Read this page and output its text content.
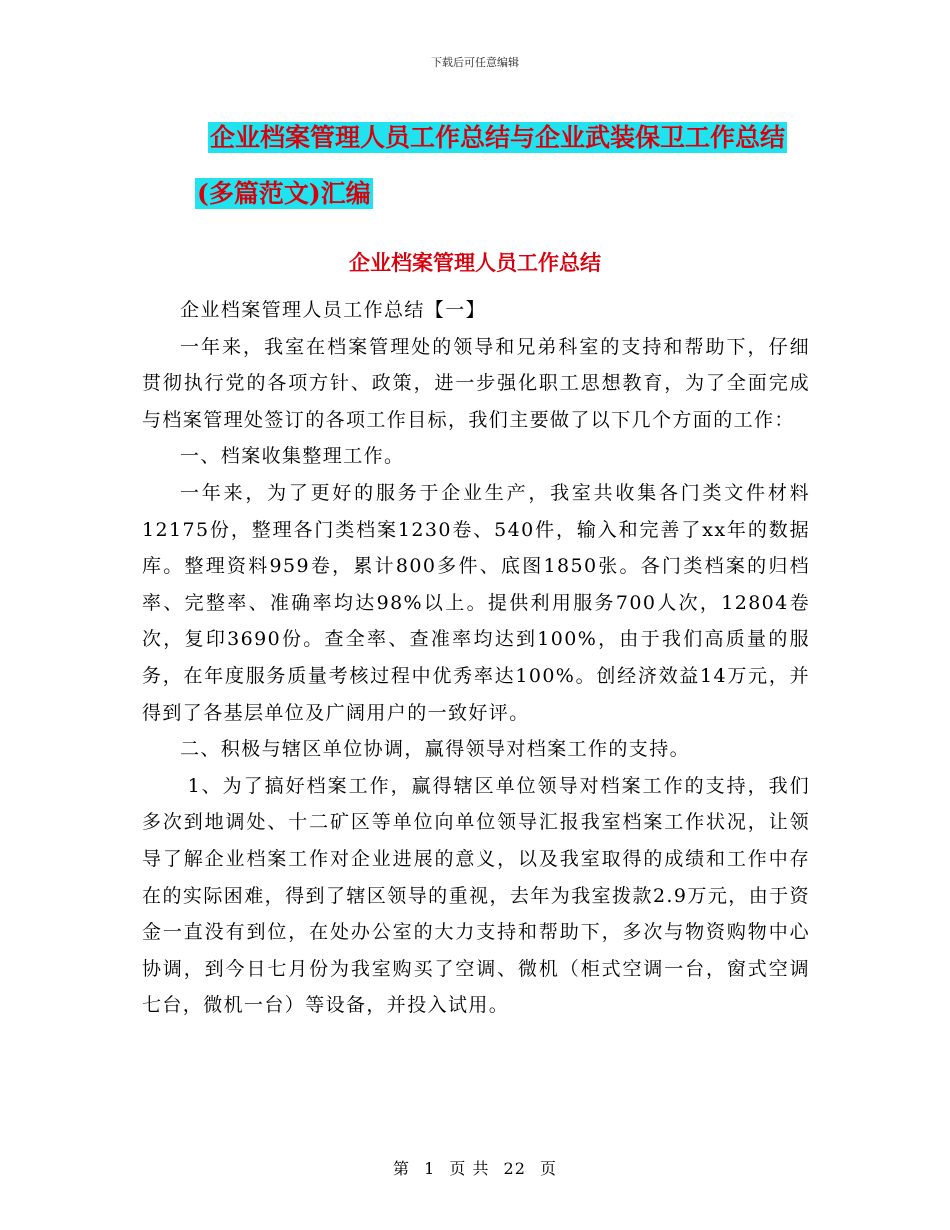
下载后可任意编辑
企业档案管理人员工作总结与企业武装保卫工作总结
(多篇范文)汇编
企业档案管理人员工作总结

企业档案管理人员工作总结【一】

一年来，我室在档案管理处的领导和兄弟科室的支持和帮助下，仔细贯彻执行党的各项方针、政策，进一步强化职工思想教育，为了全面完成与档案管理处签订的各项工作目标，我们主要做了以下几个方面的工作：

一、档案收集整理工作。

一年来，为了更好的服务于企业生产，我室共收集各门类文件材料12175份，整理各门类档案1230卷、540件，输入和完善了xx年的数据库。整理资料959卷，累计800多件、底图1850张。各门类档案的归档率、完整率、准确率均达98%以上。提供利用服务700人次，12804卷次，复印3690份。查全率、查准率均达到100%，由于我们高质量的服务，在年度服务质量考核过程中优秀率达100%。创经济效益14万元，并得到了各基层单位及广阔用户的一致好评。

二、积极与辖区单位协调，赢得领导对档案工作的支持。

1、为了搞好档案工作，赢得辖区单位领导对档案工作的支持，我们多次到地调处、十二矿区等单位向单位领导汇报我室档案工作状况，让领导了解企业档案工作对企业进展的意义，以及我室取得的成绩和工作中存在的实际困难，得到了辖区领导的重视，去年为我室拨款2.9万元，由于资金一直没有到位，在处办公室的大力支持和帮助下，多次与物资购物中心协调，到今日七月份为我室购买了空调、微机（柜式空调一台，窗式空调七台，微机一台）等设备，并投入试用。

第 1 页 共 22 页
